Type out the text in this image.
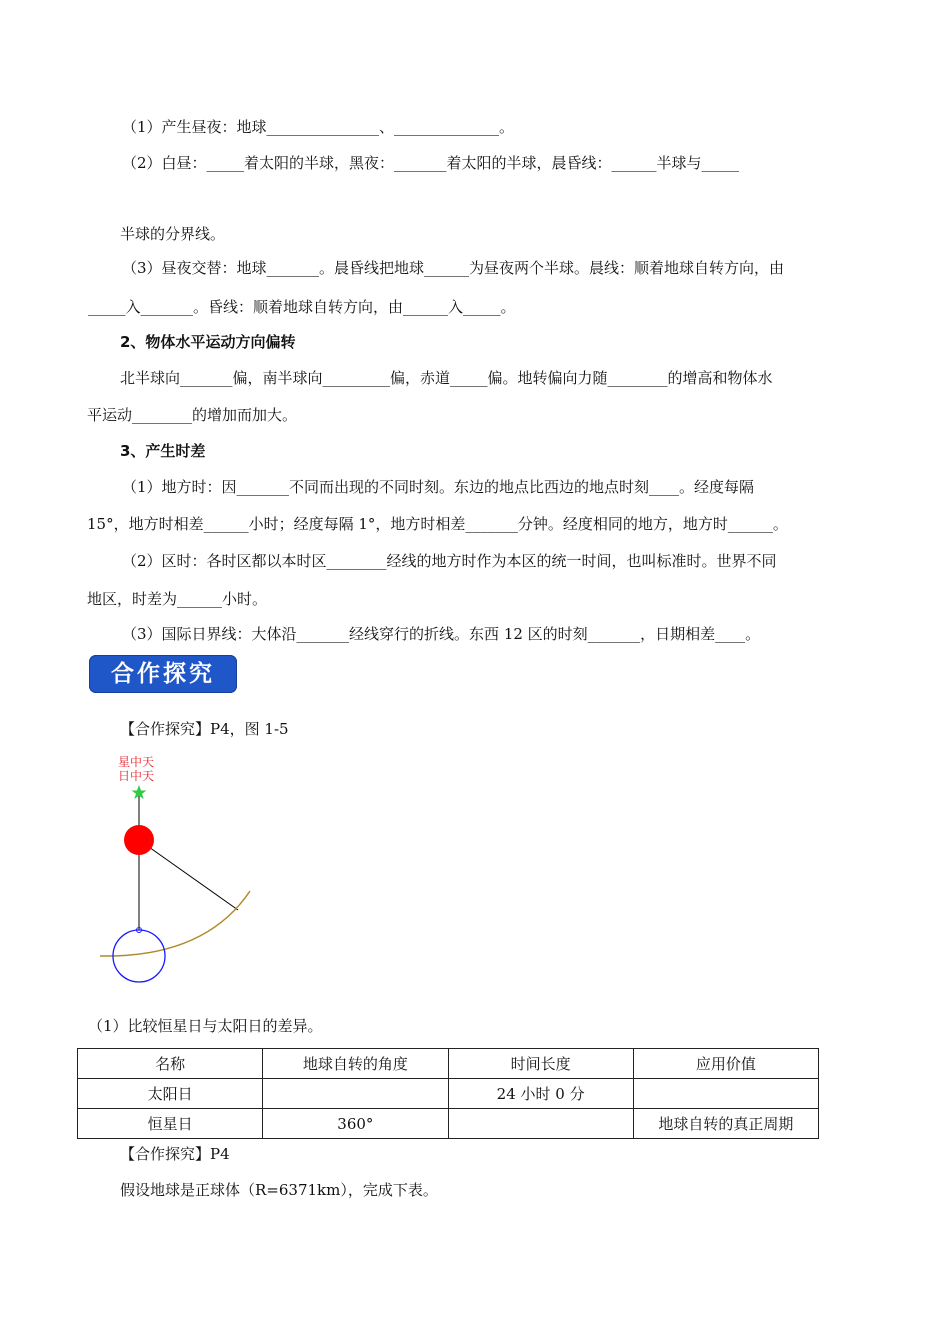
（1）产生昼夜：地球_______________、______________。
（2）白昼：_____着太阳的半球，黑夜：_______着太阳的半球，晨昏线：______半球与_____
半球的分界线。
（3）昼夜交替：地球_______。晨昏线把地球______为昼夜两个半球。晨线：顺着地球自转方向，由
_____入_______。昏线：顺着地球自转方向，由______入_____。
2、物体水平运动方向偏转
北半球向_______偏，南半球向_________偏，赤道_____偏。地转偏向力随________的增高和物体水
平运动________的增加而加大。
3、产生时差
（1）地方时：因_______不同而出现的不同时刻。东边的地点比西边的地点时刻____。经度每隔
15°，地方时相差______小时；经度每隔 1°，地方时相差_______分钟。经度相同的地方，地方时______。
（2）区时：各时区都以本时区________经线的地方时作为本区的统一时间，也叫标准时。世界不同
地区，时差为______小时。
（3）国际日界线：大体沿_______经线穿行的折线。东西 12 区的时刻_______，日期相差____。
合作探究
【合作探究】P4，图 1-5
星中天
日中天
（1）比较恒星日与太阳日的差异。
名称	地球自转的角度	时间长度	应用价值
太阳日		24 小时 0 分	
恒星日	360°		地球自转的真正周期
【合作探究】P4
假设地球是正球体（R=6371km），完成下表。
